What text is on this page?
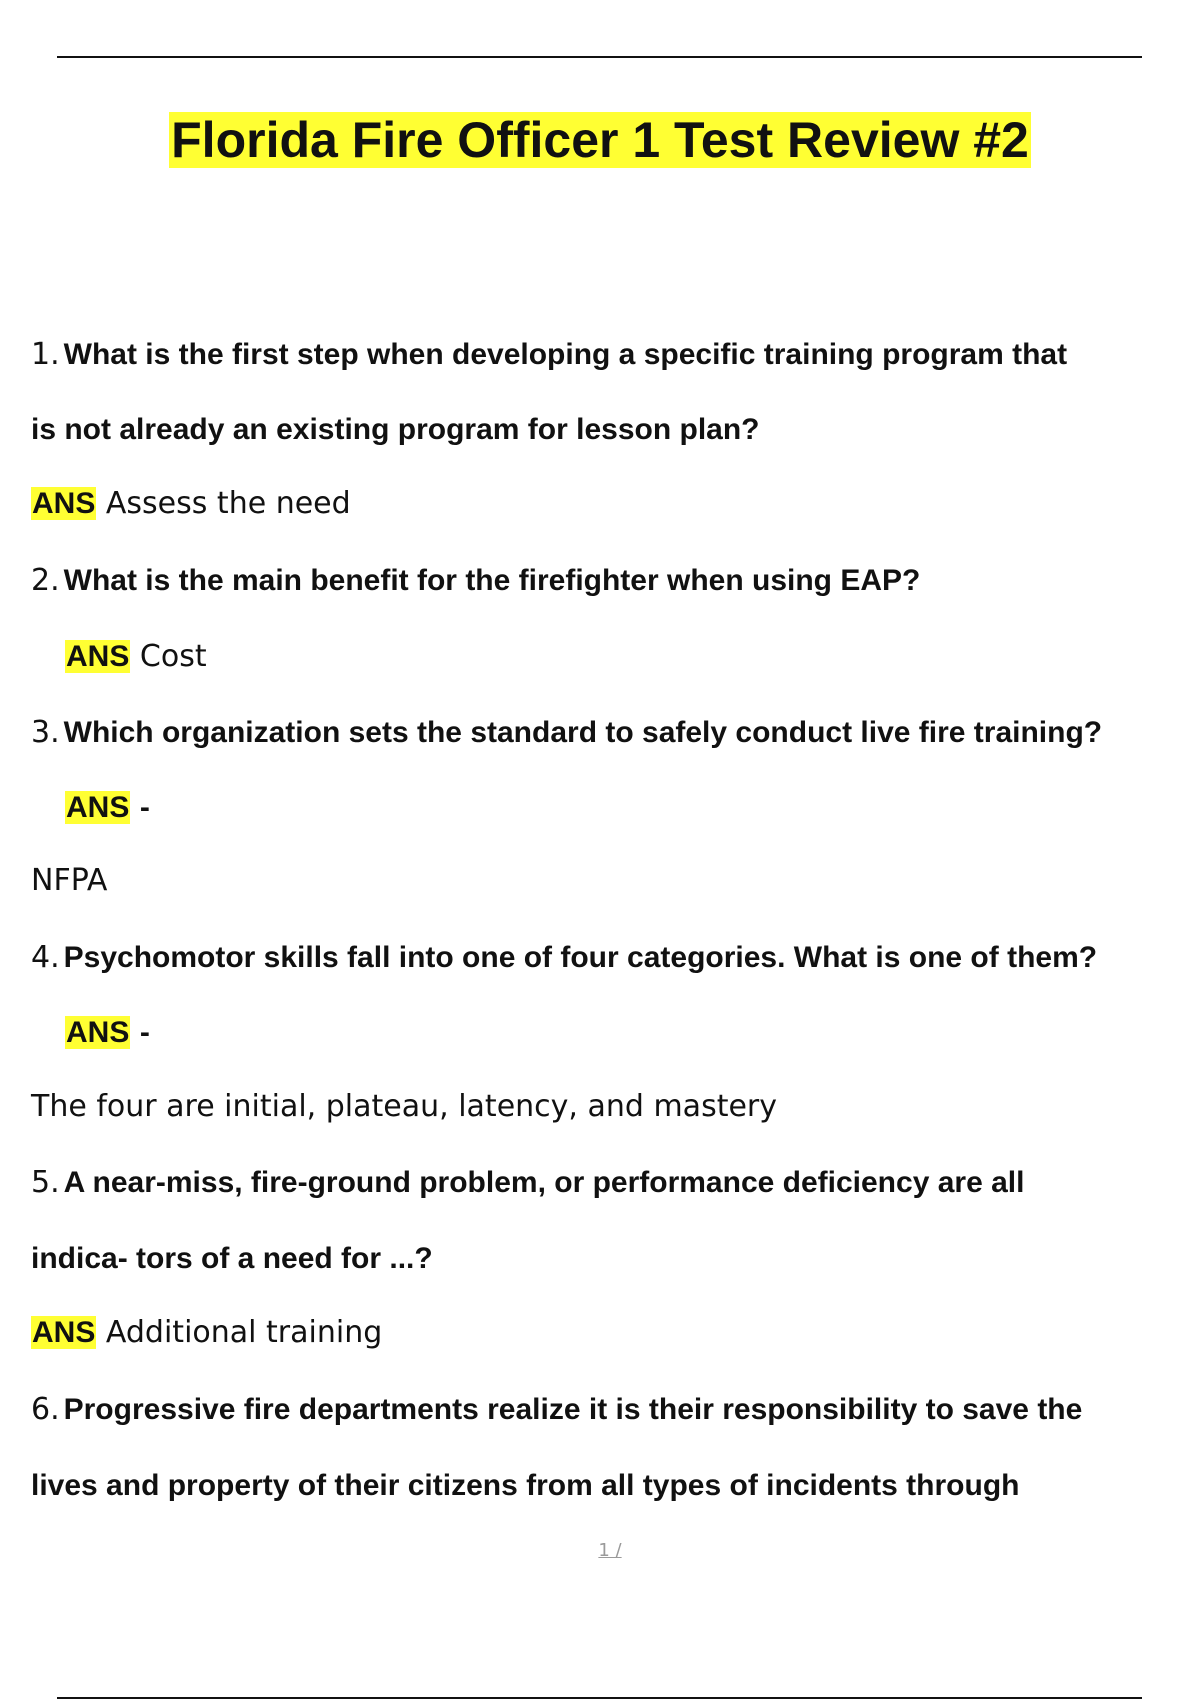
Florida Fire Officer 1 Test Review #2
1. What is the first step when developing a specific training program that
is not already an existing program for lesson plan?
ANS Assess the need
2. What is the main benefit for the firefighter when using EAP?
ANS Cost
3. Which organization sets the standard to safely conduct live fire training?
ANS -
NFPA
4. Psychomotor skills fall into one of four categories. What is one of them?
ANS -
The four are initial, plateau, latency, and mastery
5. A near-miss, fire-ground problem, or performance deficiency are all
indica- tors of a need for ...?
ANS Additional training
6. Progressive fire departments realize it is their responsibility to save the
lives and property of their citizens from all types of incidents through
1 /
